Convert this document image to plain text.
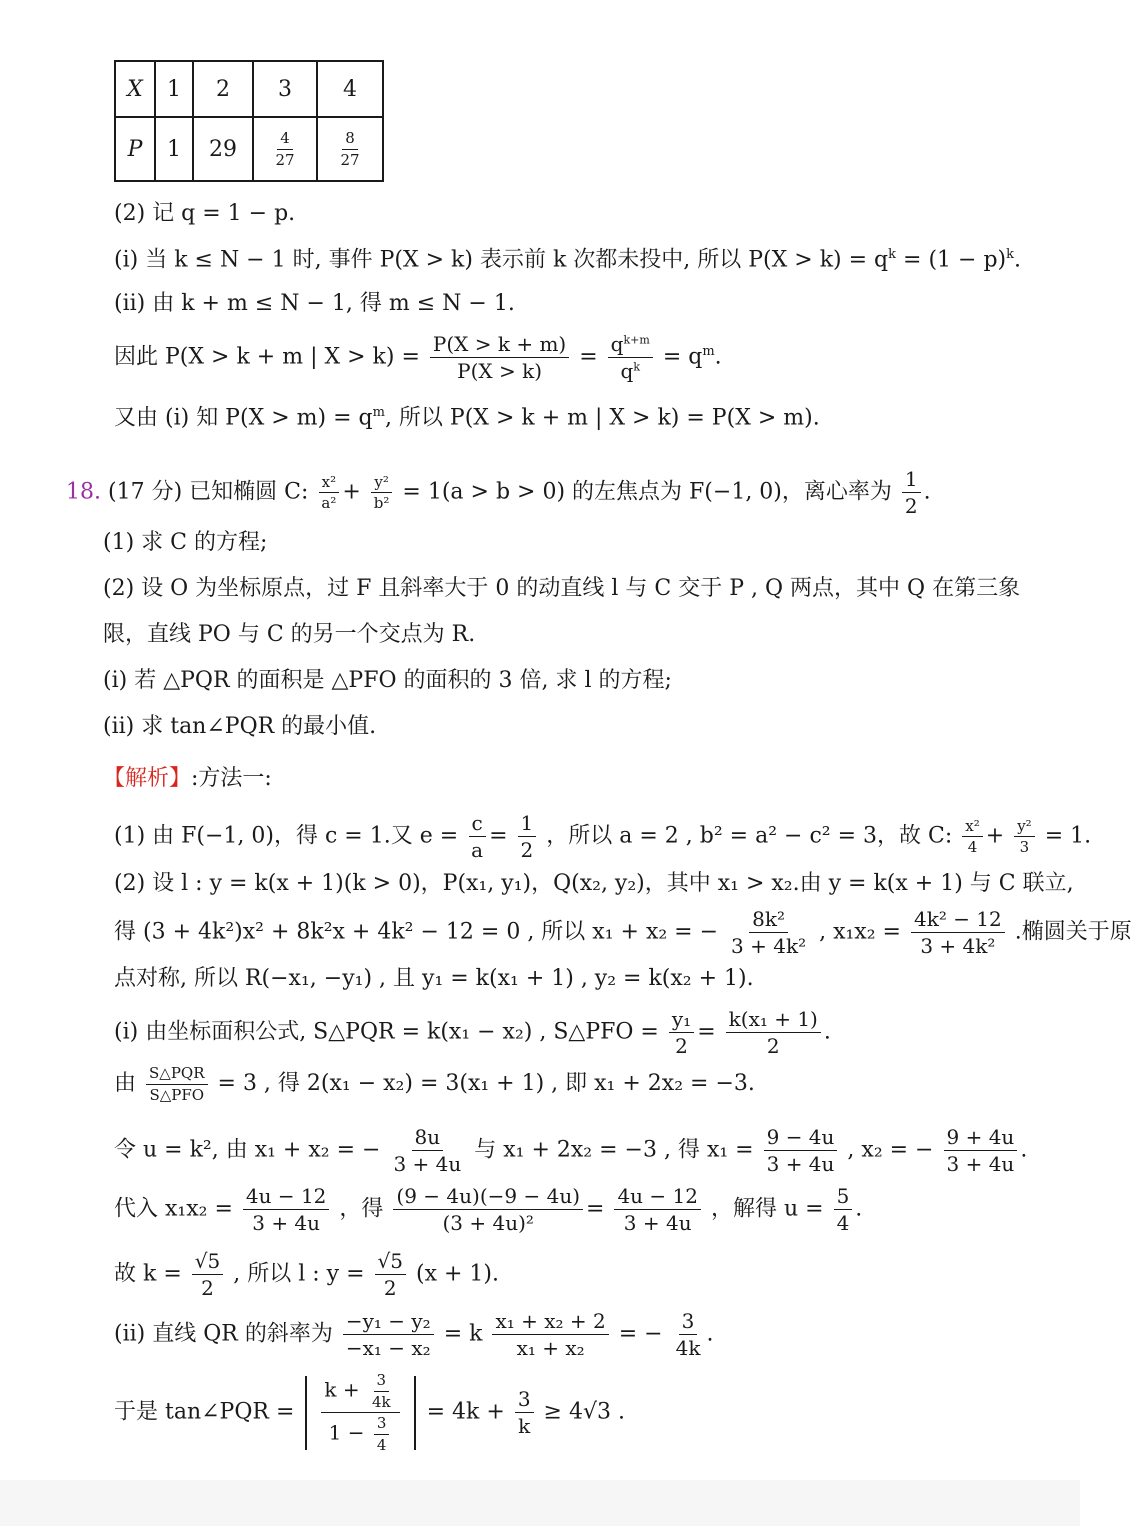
X	1	2	3	4
P	1	29	$\frac{4}{27}$	$\frac{8}{27}$
(2) 记 q = 1 − p.
(i) 当 k ≤ N − 1 时, 事件 P(X > k) 表示前 k 次都未投中, 所以 $P(X > k) = q^k = (1 - p)^k$.
(ii) 由 k + m ≤ N − 1, 得 m ≤ N − 1.
因此 P(X > k + m | $X > k) = \frac{P(X > k + m)}{P(X > k)} = \frac{q^{k+m}}{q^k} = q^m$.
又由 (i) 知 $P(X > m) = q^m$, 所以 P(X > k + m | X > k) = P(X > m).
18. (17 分) 已知椭圆 C: $\frac{\text{x²}}{\text{a²}} + \frac{\text{y²}}{\text{b²}} = 1(a > b > 0)$ 的左焦点为 F(−1, 0)，离心率为 $\frac{1}{2}$ .
(1) 求 C 的方程;
(2) 设 O 为坐标原点，过 F 且斜率大于 0 的动直线 l 与 C 交于 P , Q 两点，其中 Q 在第三象
限，直线 PO 与 C 的另一个交点为 R.
(i) 若 △PQR 的面积是 △PFO 的面积的 3 倍, 求 l 的方程;
(ii) 求 tan∠PQR 的最小值.
【解析】:方法一:
(1) 由 F(−1, 0)，得 c = 1.又 $e = \frac{c}{a} = \frac{1}{2}$ ，所以 a = 2 , b² = a² − c² = 3，故 C: $\frac{\text{x²}}{4} + \frac{\text{y²}}{3} = 1$.
(2) 设 l : y = k(x + 1)(k > 0)，P(x₁, y₁)，Q(x₂, y₂)，其中 x₁ > x₂.由 y = k(x + 1) 与 C 联立,
得 (3 + 4k²)x² + 8k²x + 4k² − 12 = 0 , 所以 x₁ + x₂ = − $\frac{\text{8k²}}{\text{3 + 4k²}}$ , $x_1x_2 = \frac{\text{4k² − 12}}{\text{3 + 4k²}}$ .椭圆关于原
点对称, 所以 R(−x₁, −y₁) , 且 y₁ = k(x₁ + 1) , y₂ = k(x₂ + 1).
(i) 由坐标面积公式, S△PQR = k(x₁ − x₂) , S△PFO = $\frac{\text{y₁}}{2} = \frac{\text{k(x₁ + 1)}}{2}$ .
由 $\frac{\text{S△PQR}}{\text{S△PFO}} = 3$ , 得 2(x₁ − x₂) = 3(x₁ + 1) , 即 x₁ + 2x₂ = −3.
令 u = k², 由 x₁ + x₂ = − $\frac{8u}{3 + 4u}$ 与 x₁ + 2x₂ = −3 , 得 $x_1 = \frac{9 - 4u}{3 + 4u}$ , x₂ = − $\frac{9 + 4u}{3 + 4u}$ .
代入 $x_1x_2 = \frac{4u - 12}{3 + 4u}$ ，得 $\frac{(9 - 4u)(-9 - 4u)}{\text{(3 + 4u)²}} = \frac{4u - 12}{3 + 4u}$ ，解得 $u = \frac{5}{4}$ .
故 $k = \frac{√5}{2}$ , 所以 l : $y = \frac{√5}{2} (x + 1)$.
(ii) 直线 QR 的斜率为 $\frac{\text{−y₁ − y₂}}{\text{−x₁ − x₂}} = k \frac{\text{x₁ + x₂ + 2}}{\text{x₁ + x₂}}$ = − $\frac{3}{4k}$ .
于是 tan∠PQR = $\frac{k + \frac{3}{4k}}{1 - \frac{3}{4}} = 4k + \frac{3}{k} \ge 4√3$ .
